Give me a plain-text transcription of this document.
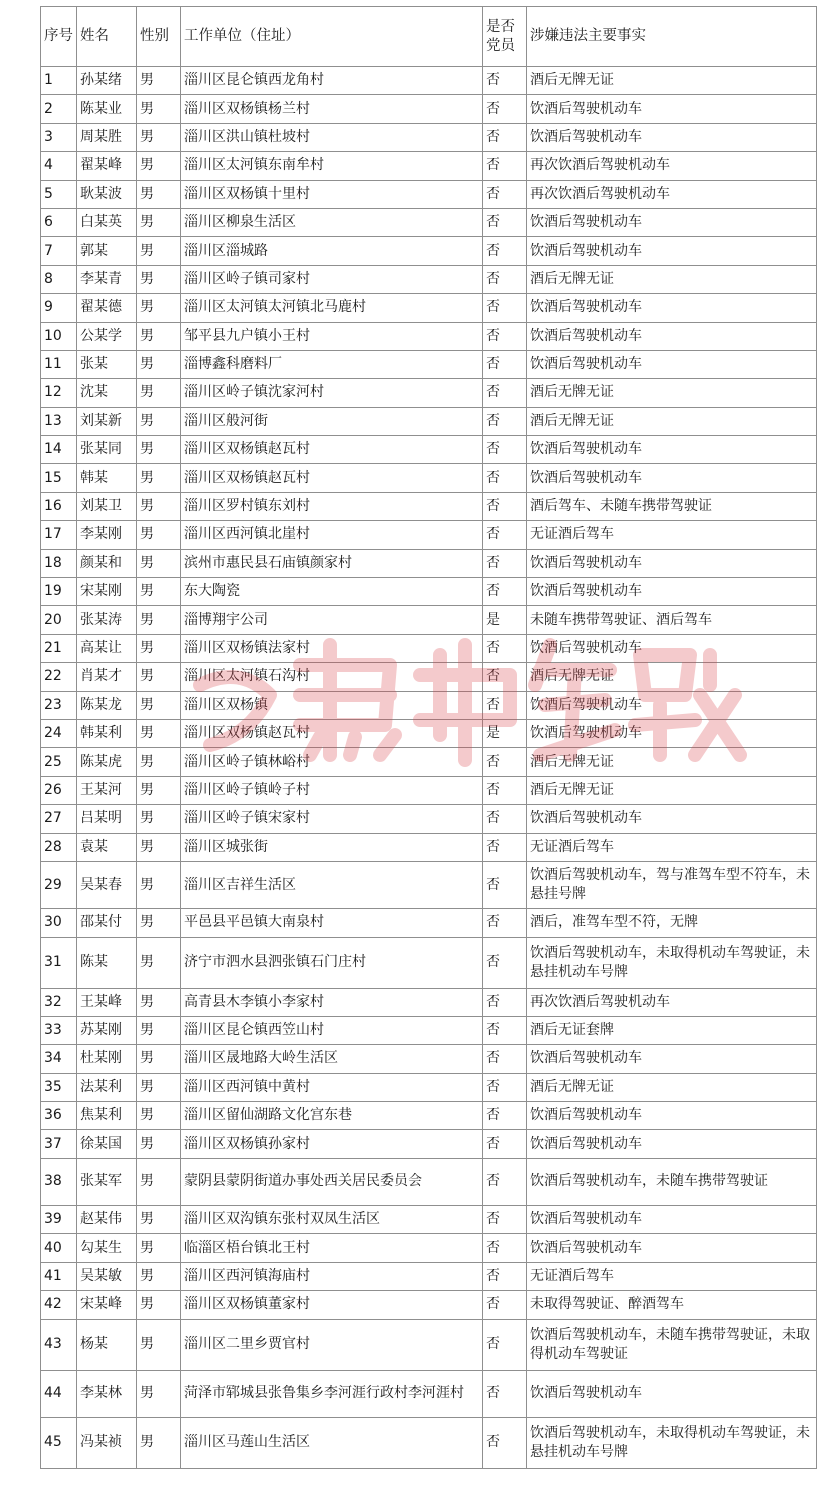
序号	姓名	性别	工作单位（住址）	是否党员	涉嫌违法主要事实
1	孙某绪	男	淄川区昆仑镇西龙角村	否	酒后无牌无证
2	陈某业	男	淄川区双杨镇杨兰村	否	饮酒后驾驶机动车
3	周某胜	男	淄川区洪山镇杜坡村	否	饮酒后驾驶机动车
4	翟某峰	男	淄川区太河镇东南牟村	否	再次饮酒后驾驶机动车
5	耿某波	男	淄川区双杨镇十里村	否	再次饮酒后驾驶机动车
6	白某英	男	淄川区柳泉生活区	否	饮酒后驾驶机动车
7	郭某	男	淄川区淄城路	否	饮酒后驾驶机动车
8	李某青	男	淄川区岭子镇司家村	否	酒后无牌无证
9	翟某德	男	淄川区太河镇太河镇北马鹿村	否	饮酒后驾驶机动车
10	公某学	男	邹平县九户镇小王村	否	饮酒后驾驶机动车
11	张某	男	淄博鑫科磨料厂	否	饮酒后驾驶机动车
12	沈某	男	淄川区岭子镇沈家河村	否	酒后无牌无证
13	刘某新	男	淄川区般河街	否	酒后无牌无证
14	张某同	男	淄川区双杨镇赵瓦村	否	饮酒后驾驶机动车
15	韩某	男	淄川区双杨镇赵瓦村	否	饮酒后驾驶机动车
16	刘某卫	男	淄川区罗村镇东刘村	否	酒后驾车、未随车携带驾驶证
17	李某刚	男	淄川区西河镇北崖村	否	无证酒后驾车
18	颜某和	男	滨州市惠民县石庙镇颜家村	否	饮酒后驾驶机动车
19	宋某刚	男	东大陶瓷	否	饮酒后驾驶机动车
20	张某涛	男	淄博翔宇公司	是	未随车携带驾驶证、酒后驾车
21	高某让	男	淄川区双杨镇法家村	否	饮酒后驾驶机动车
22	肖某才	男	淄川区太河镇石沟村	否	酒后无牌无证
23	陈某龙	男	淄川区双杨镇	否	饮酒后驾驶机动车
24	韩某利	男	淄川区双杨镇赵瓦村	是	饮酒后驾驶机动车
25	陈某虎	男	淄川区岭子镇林峪村	否	酒后无牌无证
26	王某河	男	淄川区岭子镇岭子村	否	酒后无牌无证
27	吕某明	男	淄川区岭子镇宋家村	否	饮酒后驾驶机动车
28	袁某	男	淄川区城张街	否	无证酒后驾车
29	吴某春	男	淄川区吉祥生活区	否	饮酒后驾驶机动车，驾与准驾车型不符车，未悬挂号牌
30	邵某付	男	平邑县平邑镇大南泉村	否	酒后，准驾车型不符，无牌
31	陈某	男	济宁市泗水县泗张镇石门庄村	否	饮酒后驾驶机动车，未取得机动车驾驶证，未悬挂机动车号牌
32	王某峰	男	高青县木李镇小李家村	否	再次饮酒后驾驶机动车
33	苏某刚	男	淄川区昆仑镇西笠山村	否	酒后无证套牌
34	杜某刚	男	淄川区晟地路大岭生活区	否	饮酒后驾驶机动车
35	法某利	男	淄川区西河镇中黄村	否	酒后无牌无证
36	焦某利	男	淄川区留仙湖路文化宫东巷	否	饮酒后驾驶机动车
37	徐某国	男	淄川区双杨镇孙家村	否	饮酒后驾驶机动车
38	张某军	男	蒙阴县蒙阴街道办事处西关居民委员会	否	饮酒后驾驶机动车，未随车携带驾驶证
39	赵某伟	男	淄川区双沟镇东张村双凤生活区	否	饮酒后驾驶机动车
40	勾某生	男	临淄区梧台镇北王村	否	饮酒后驾驶机动车
41	吴某敏	男	淄川区西河镇海庙村	否	无证酒后驾车
42	宋某峰	男	淄川区双杨镇董家村	否	未取得驾驶证、醉酒驾车
43	杨某	男	淄川区二里乡贾官村	否	饮酒后驾驶机动车，未随车携带驾驶证，未取得机动车驾驶证
44	李某林	男	菏泽市郓城县张鲁集乡李河涯行政村李河涯村	否	饮酒后驾驶机动车
45	冯某祯	男	淄川区马莲山生活区	否	饮酒后驾驶机动车，未取得机动车驾驶证，未悬挂机动车号牌
